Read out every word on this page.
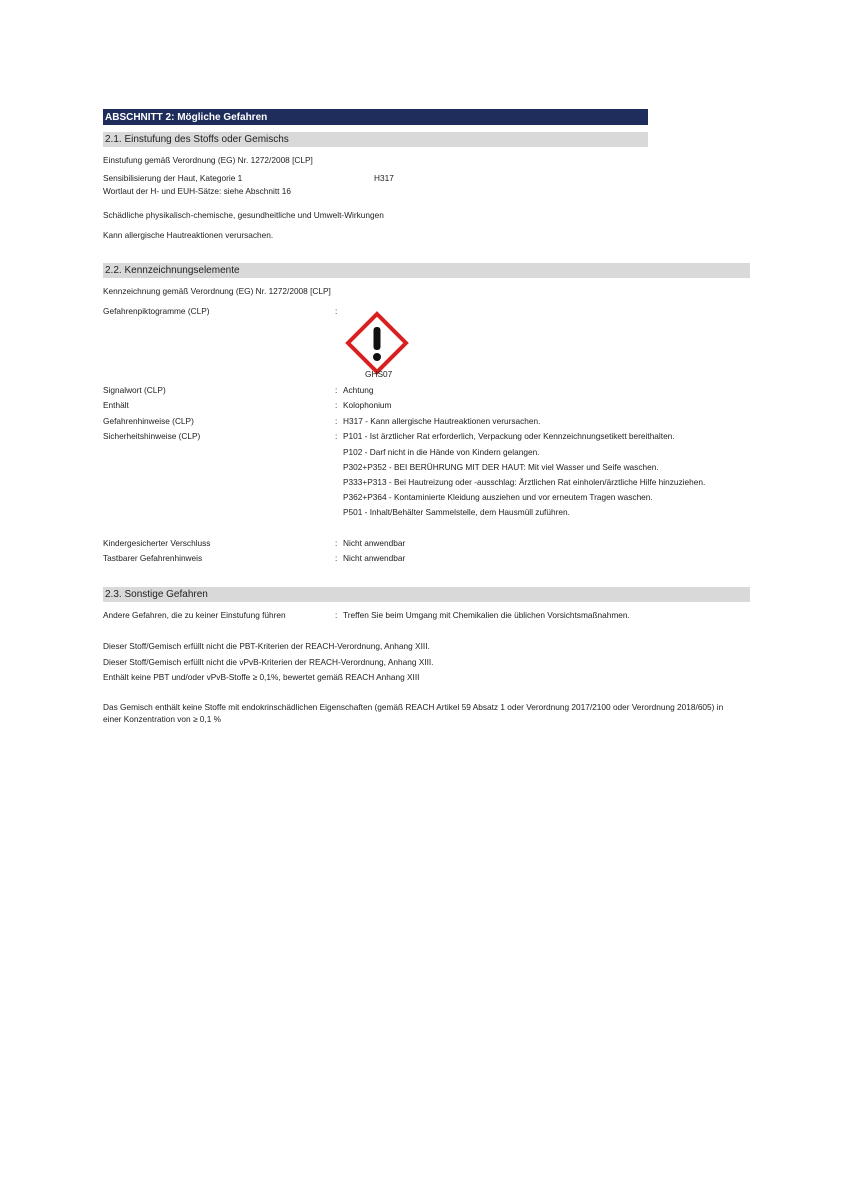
ABSCHNITT 2: Mögliche Gefahren
2.1. Einstufung des Stoffs oder Gemischs
Einstufung gemäß Verordnung (EG) Nr. 1272/2008 [CLP]
Sensibilisierung der Haut, Kategorie 1	H317
Wortlaut der H- und EUH-Sätze: siehe Abschnitt 16
Schädliche physikalisch-chemische, gesundheitliche und Umwelt-Wirkungen
Kann allergische Hautreaktionen verursachen.
2.2. Kennzeichnungselemente
Kennzeichnung gemäß Verordnung (EG) Nr. 1272/2008 [CLP]
Gefahrenpiktogramme (CLP)	:
GHS07
Signalwort (CLP)	: Achtung
Enthält	: Kolophonium
Gefahrenhinweise (CLP)	: H317 - Kann allergische Hautreaktionen verursachen.
Sicherheitshinweise (CLP)	: P101 - Ist ärztlicher Rat erforderlich, Verpackung oder Kennzeichnungsetikett bereithalten.
P102 - Darf nicht in die Hände von Kindern gelangen.
P302+P352 - BEI BERÜHRUNG MIT DER HAUT: Mit viel Wasser und Seife waschen.
P333+P313 - Bei Hautreizung oder -ausschlag: Ärztlichen Rat einholen/ärztliche Hilfe hinzuziehen.
P362+P364 - Kontaminierte Kleidung ausziehen und vor erneutem Tragen waschen.
P501 - Inhalt/Behälter Sammelstelle, dem Hausmüll zuführen.
Kindergesicherter Verschluss	: Nicht anwendbar
Tastbarer Gefahrenhinweis	: Nicht anwendbar
2.3. Sonstige Gefahren
Andere Gefahren, die zu keiner Einstufung führen	: Treffen Sie beim Umgang mit Chemikalien die üblichen Vorsichtsmaßnahmen.
Dieser Stoff/Gemisch erfüllt nicht die PBT-Kriterien der REACH-Verordnung, Anhang XIII.
Dieser Stoff/Gemisch erfüllt nicht die vPvB-Kriterien der REACH-Verordnung, Anhang XIII.
Enthält keine PBT und/oder vPvB-Stoffe ≥ 0,1%, bewertet gemäß REACH Anhang XIII
Das Gemisch enthält keine Stoffe mit endokrinschädlichen Eigenschaften (gemäß REACH Artikel 59 Absatz 1 oder Verordnung 2017/2100 oder Verordnung 2018/605) in einer Konzentration von ≥ 0,1 %
